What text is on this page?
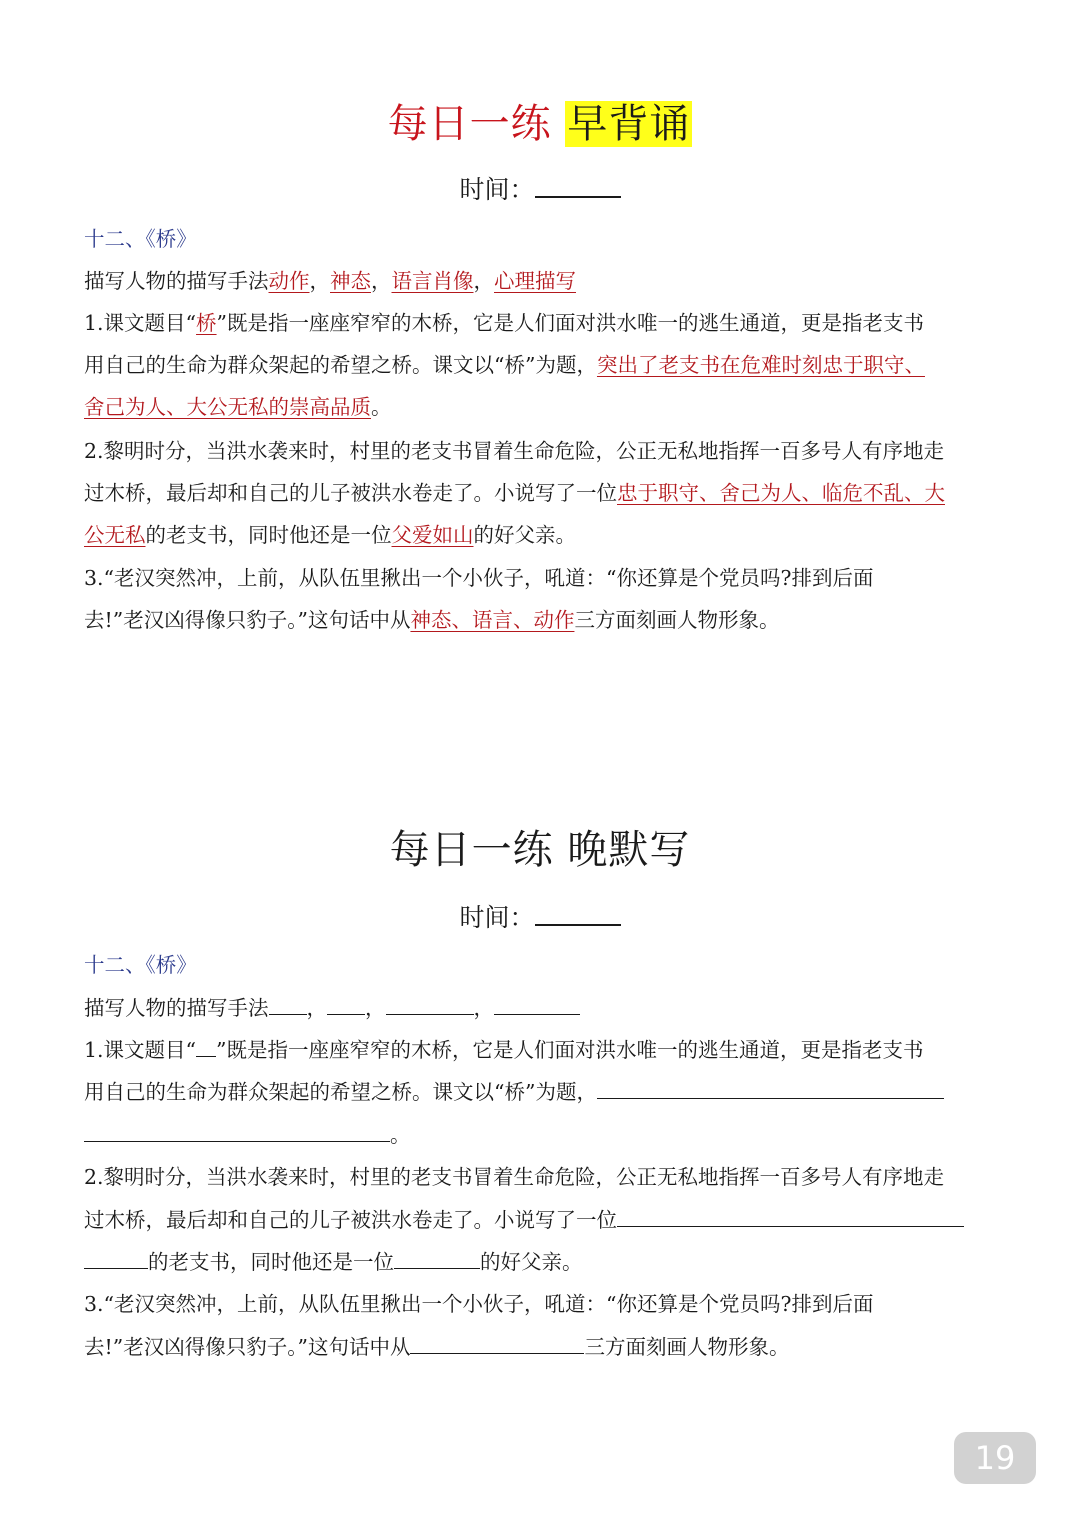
每日一练 早背诵
时间：
十二、《桥》
描写人物的描写手法动作，神态，语言肖像，心理描写
1.课文题目“桥”既是指一座座窄窄的木桥，它是人们面对洪水唯一的逃生通道，更是指老支书
用自己的生命为群众架起的希望之桥。课文以“桥”为题，突出了老支书在危难时刻忠于职守、
舍己为人、大公无私的崇高品质。
2.黎明时分，当洪水袭来时，村里的老支书冒着生命危险，公正无私地指挥一百多号人有序地走
过木桥，最后却和自己的儿子被洪水卷走了。小说写了一位忠于职守、舍己为人、临危不乱、大
公无私的老支书，同时他还是一位父爱如山的好父亲。
3.“老汉突然冲，上前，从队伍里揪出一个小伙子，吼道：“你还算是个党员吗?排到后面
去!”老汉凶得像只豹子。”这句话中从神态、语言、动作三方面刻画人物形象。
每日一练 晚默写
时间：
十二、《桥》
描写人物的描写手法 ， ，	，
1.课文题目“ ”既是指一座座窄窄的木桥，它是人们面对洪水唯一的逃生通道，更是指老支书
用自己的生命为群众架起的希望之桥。课文以“桥”为题，
。
2.黎明时分，当洪水袭来时，村里的老支书冒着生命危险，公正无私地指挥一百多号人有序地走
过木桥，最后却和自己的儿子被洪水卷走了。小说写了一位
的老支书，同时他还是一位	的好父亲。
3.“老汉突然冲，上前，从队伍里揪出一个小伙子，吼道：“你还算是个党员吗?排到后面
去!”老汉凶得像只豹子。”这句话中从	三方面刻画人物形象。
19
